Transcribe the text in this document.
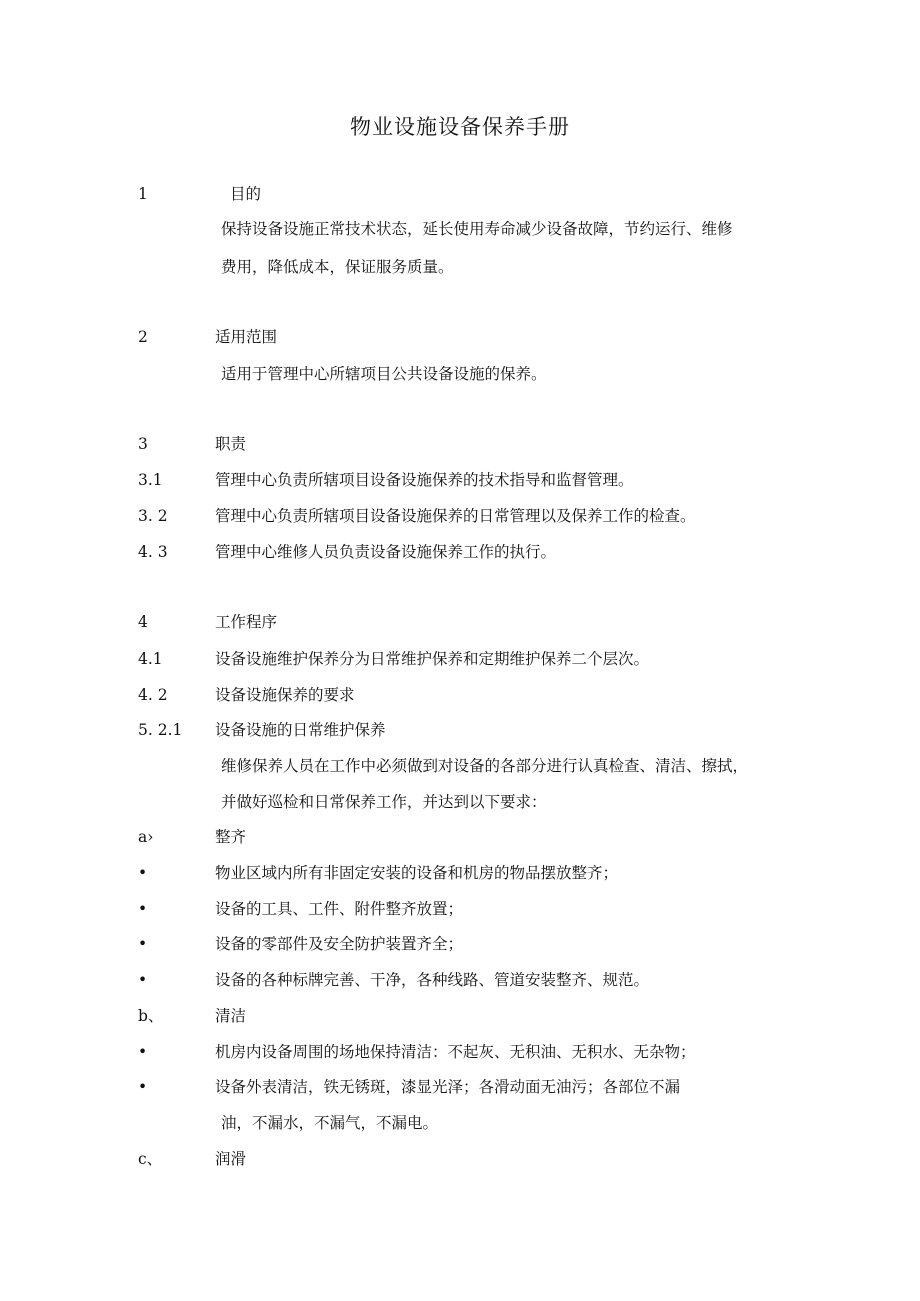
物业设施设备保养手册
1	目的
保持设备设施正常技术状态，延长使用寿命减少设备故障，节约运行、维修
费用，降低成本，保证服务质量。
2	适用范围
适用于管理中心所辖项目公共设备设施的保养。
3	职责
3.1	管理中心负责所辖项目设备设施保养的技术指导和监督管理。
3. 2	管理中心负责所辖项目设备设施保养的日常管理以及保养工作的检查。
4. 3	管理中心维修人员负责设备设施保养工作的执行。
4	工作程序
4.1	设备设施维护保养分为日常维护保养和定期维护保养二个层次。
4. 2	设备设施保养的要求
5. 2.1 设备设施的日常维护保养
维修保养人员在工作中必须做到对设备的各部分进行认真检查、清洁、擦拭，
并做好巡检和日常保养工作，并达到以下要求：
a›	整齐
•	物业区域内所有非固定安装的设备和机房的物品摆放整齐；
•	设备的工具、工件、附件整齐放置；
•	设备的零部件及安全防护装置齐全；
•	设备的各种标牌完善、干净，各种线路、管道安装整齐、规范。
b、	清洁
•	机房内设备周围的场地保持清洁：不起灰、无积油、无积水、无杂物；
•	设备外表清洁，铁无锈斑，漆显光泽；各滑动面无油污；各部位不漏
油，不漏水，不漏气，不漏电。
c、	润滑
